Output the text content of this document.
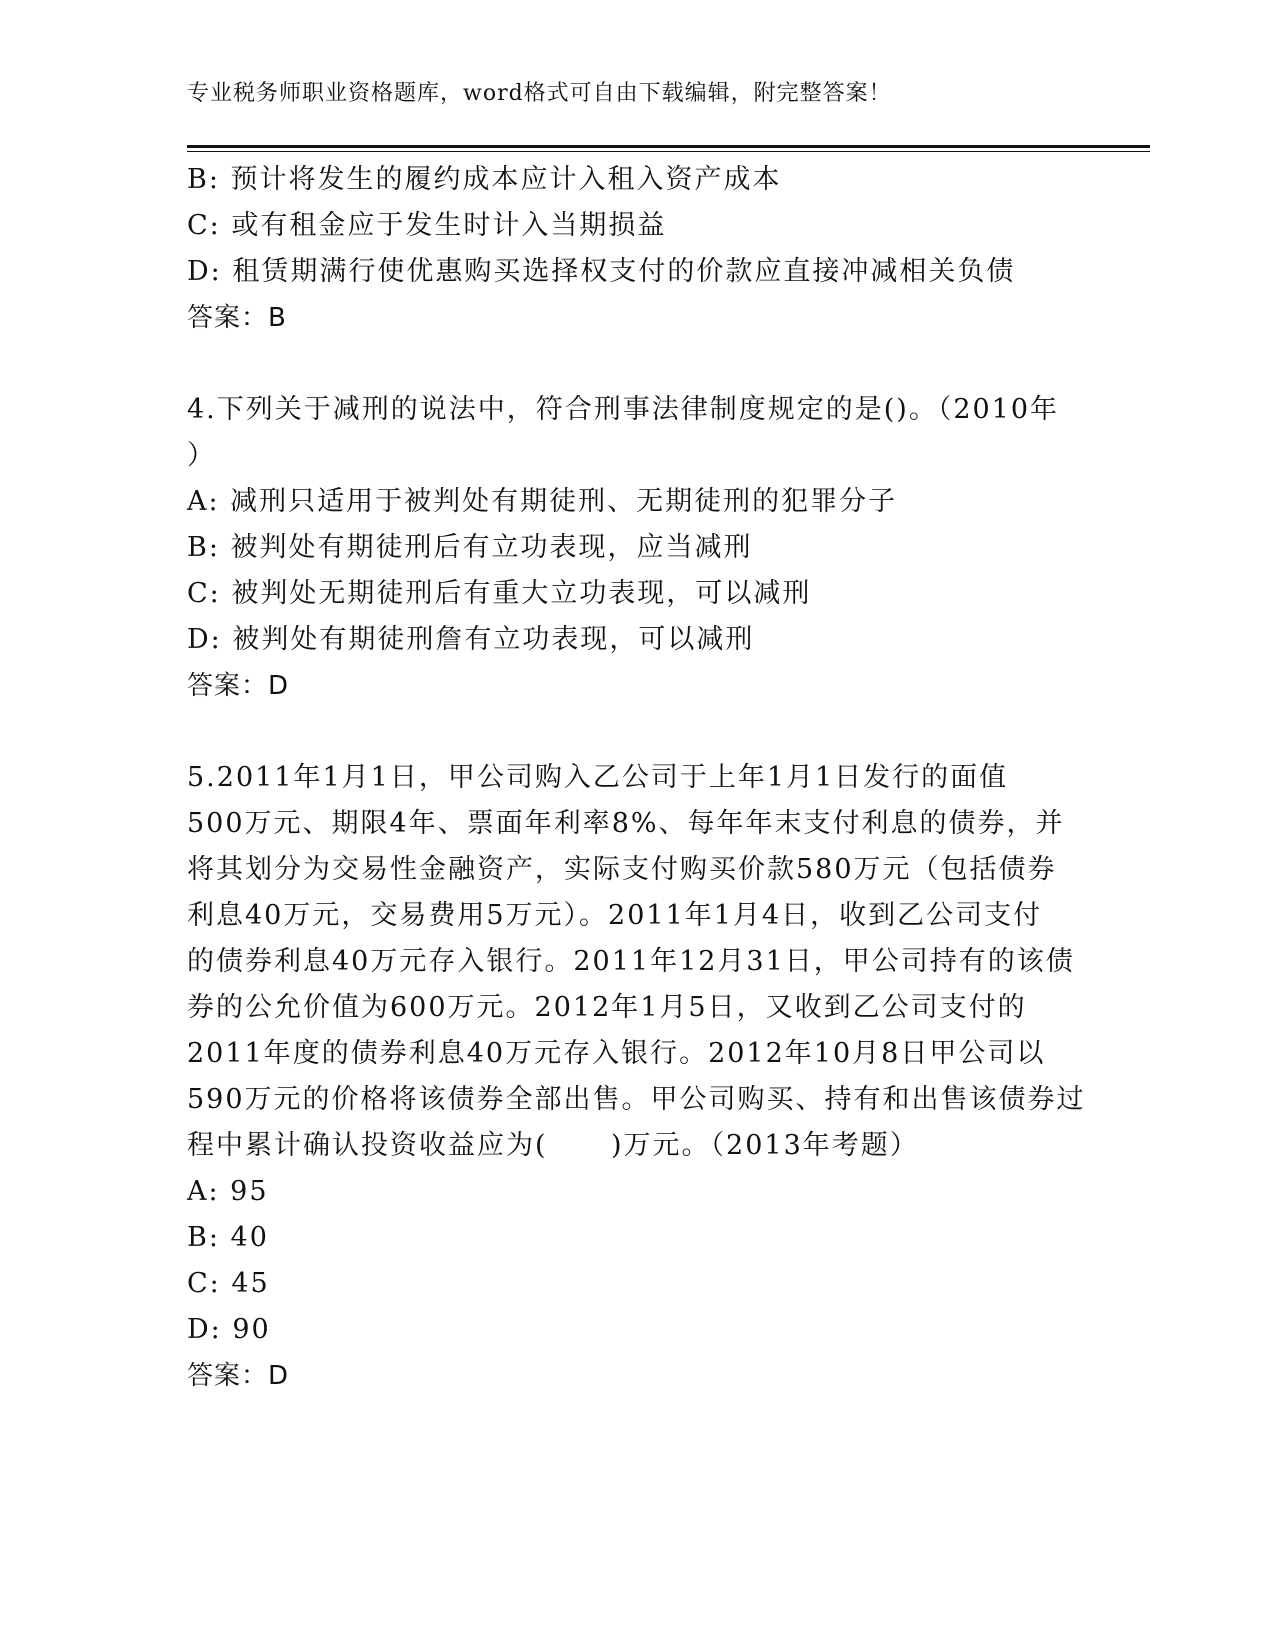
专业税务师职业资格题库，word格式可自由下载编辑，附完整答案！
B: 预计将发生的履约成本应计入租入资产成本
C: 或有租金应于发生时计入当期损益
D: 租赁期满行使优惠购买选择权支付的价款应直接冲减相关负债
答案：B
4.下列关于减刑的说法中，符合刑事法律制度规定的是()。（2010年
）
A: 减刑只适用于被判处有期徒刑、无期徒刑的犯罪分子
B: 被判处有期徒刑后有立功表现，应当减刑
C: 被判处无期徒刑后有重大立功表现，可以减刑
D: 被判处有期徒刑詹有立功表现，可以减刑
答案：D
5.2011年1月1日，甲公司购入乙公司于上年1月1日发行的面值
500万元、期限4年、票面年利率8%、每年年末支付利息的债券，并
将其划分为交易性金融资产，实际支付购买价款580万元（包括债券
利息40万元，交易费用5万元）。2011年1月4日，收到乙公司支付
的债券利息40万元存入银行。2011年12月31日，甲公司持有的该债
券的公允价值为600万元。2012年1月5日，又收到乙公司支付的
2011年度的债券利息40万元存入银行。2012年10月8日甲公司以
590万元的价格将该债券全部出售。甲公司购买、持有和出售该债券过
程中累计确认投资收益应为(      )万元。（2013年考题）
A: 95
B: 40
C: 45
D: 90
答案：D
